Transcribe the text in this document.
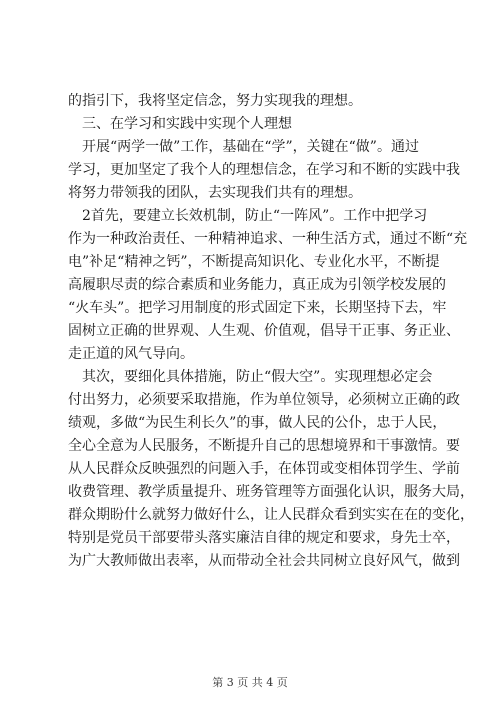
的指引下，我将坚定信念，努力实现我的理想。
　三、在学习和实践中实现个人理想
　开展“两学一做”工作，基础在“学”，关键在“做”。通过
学习，更加坚定了我个人的理想信念，在学习和不断的实践中我
将努力带领我的团队，去实现我们共有的理想。
　2首先，要建立长效机制，防止“一阵风”。工作中把学习
作为一种政治责任、一种精神追求、一种生活方式，通过不断“充
电”补足“精神之钙”，不断提高知识化、专业化水平，不断提
高履职尽责的综合素质和业务能力，真正成为引领学校发展的
“火车头”。把学习用制度的形式固定下来，长期坚持下去，牢
固树立正确的世界观、人生观、价值观，倡导干正事、务正业、
走正道的风气导向。
　其次，要细化具体措施，防止“假大空”。实现理想必定会
付出努力，必须要采取措施，作为单位领导，必须树立正确的政
绩观，多做“为民生利长久”的事，做人民的公仆，忠于人民，
全心全意为人民服务，不断提升自己的思想境界和干事激情。要
从人民群众反映强烈的问题入手，在体罚或变相体罚学生、学前
收费管理、教学质量提升、班务管理等方面强化认识，服务大局，
群众期盼什么就努力做好什么，让人民群众看到实实在在的变化，
特别是党员干部要带头落实廉洁自律的规定和要求，身先士卒，
为广大教师做出表率，从而带动全社会共同树立良好风气，做到
第 3 页 共 4 页
